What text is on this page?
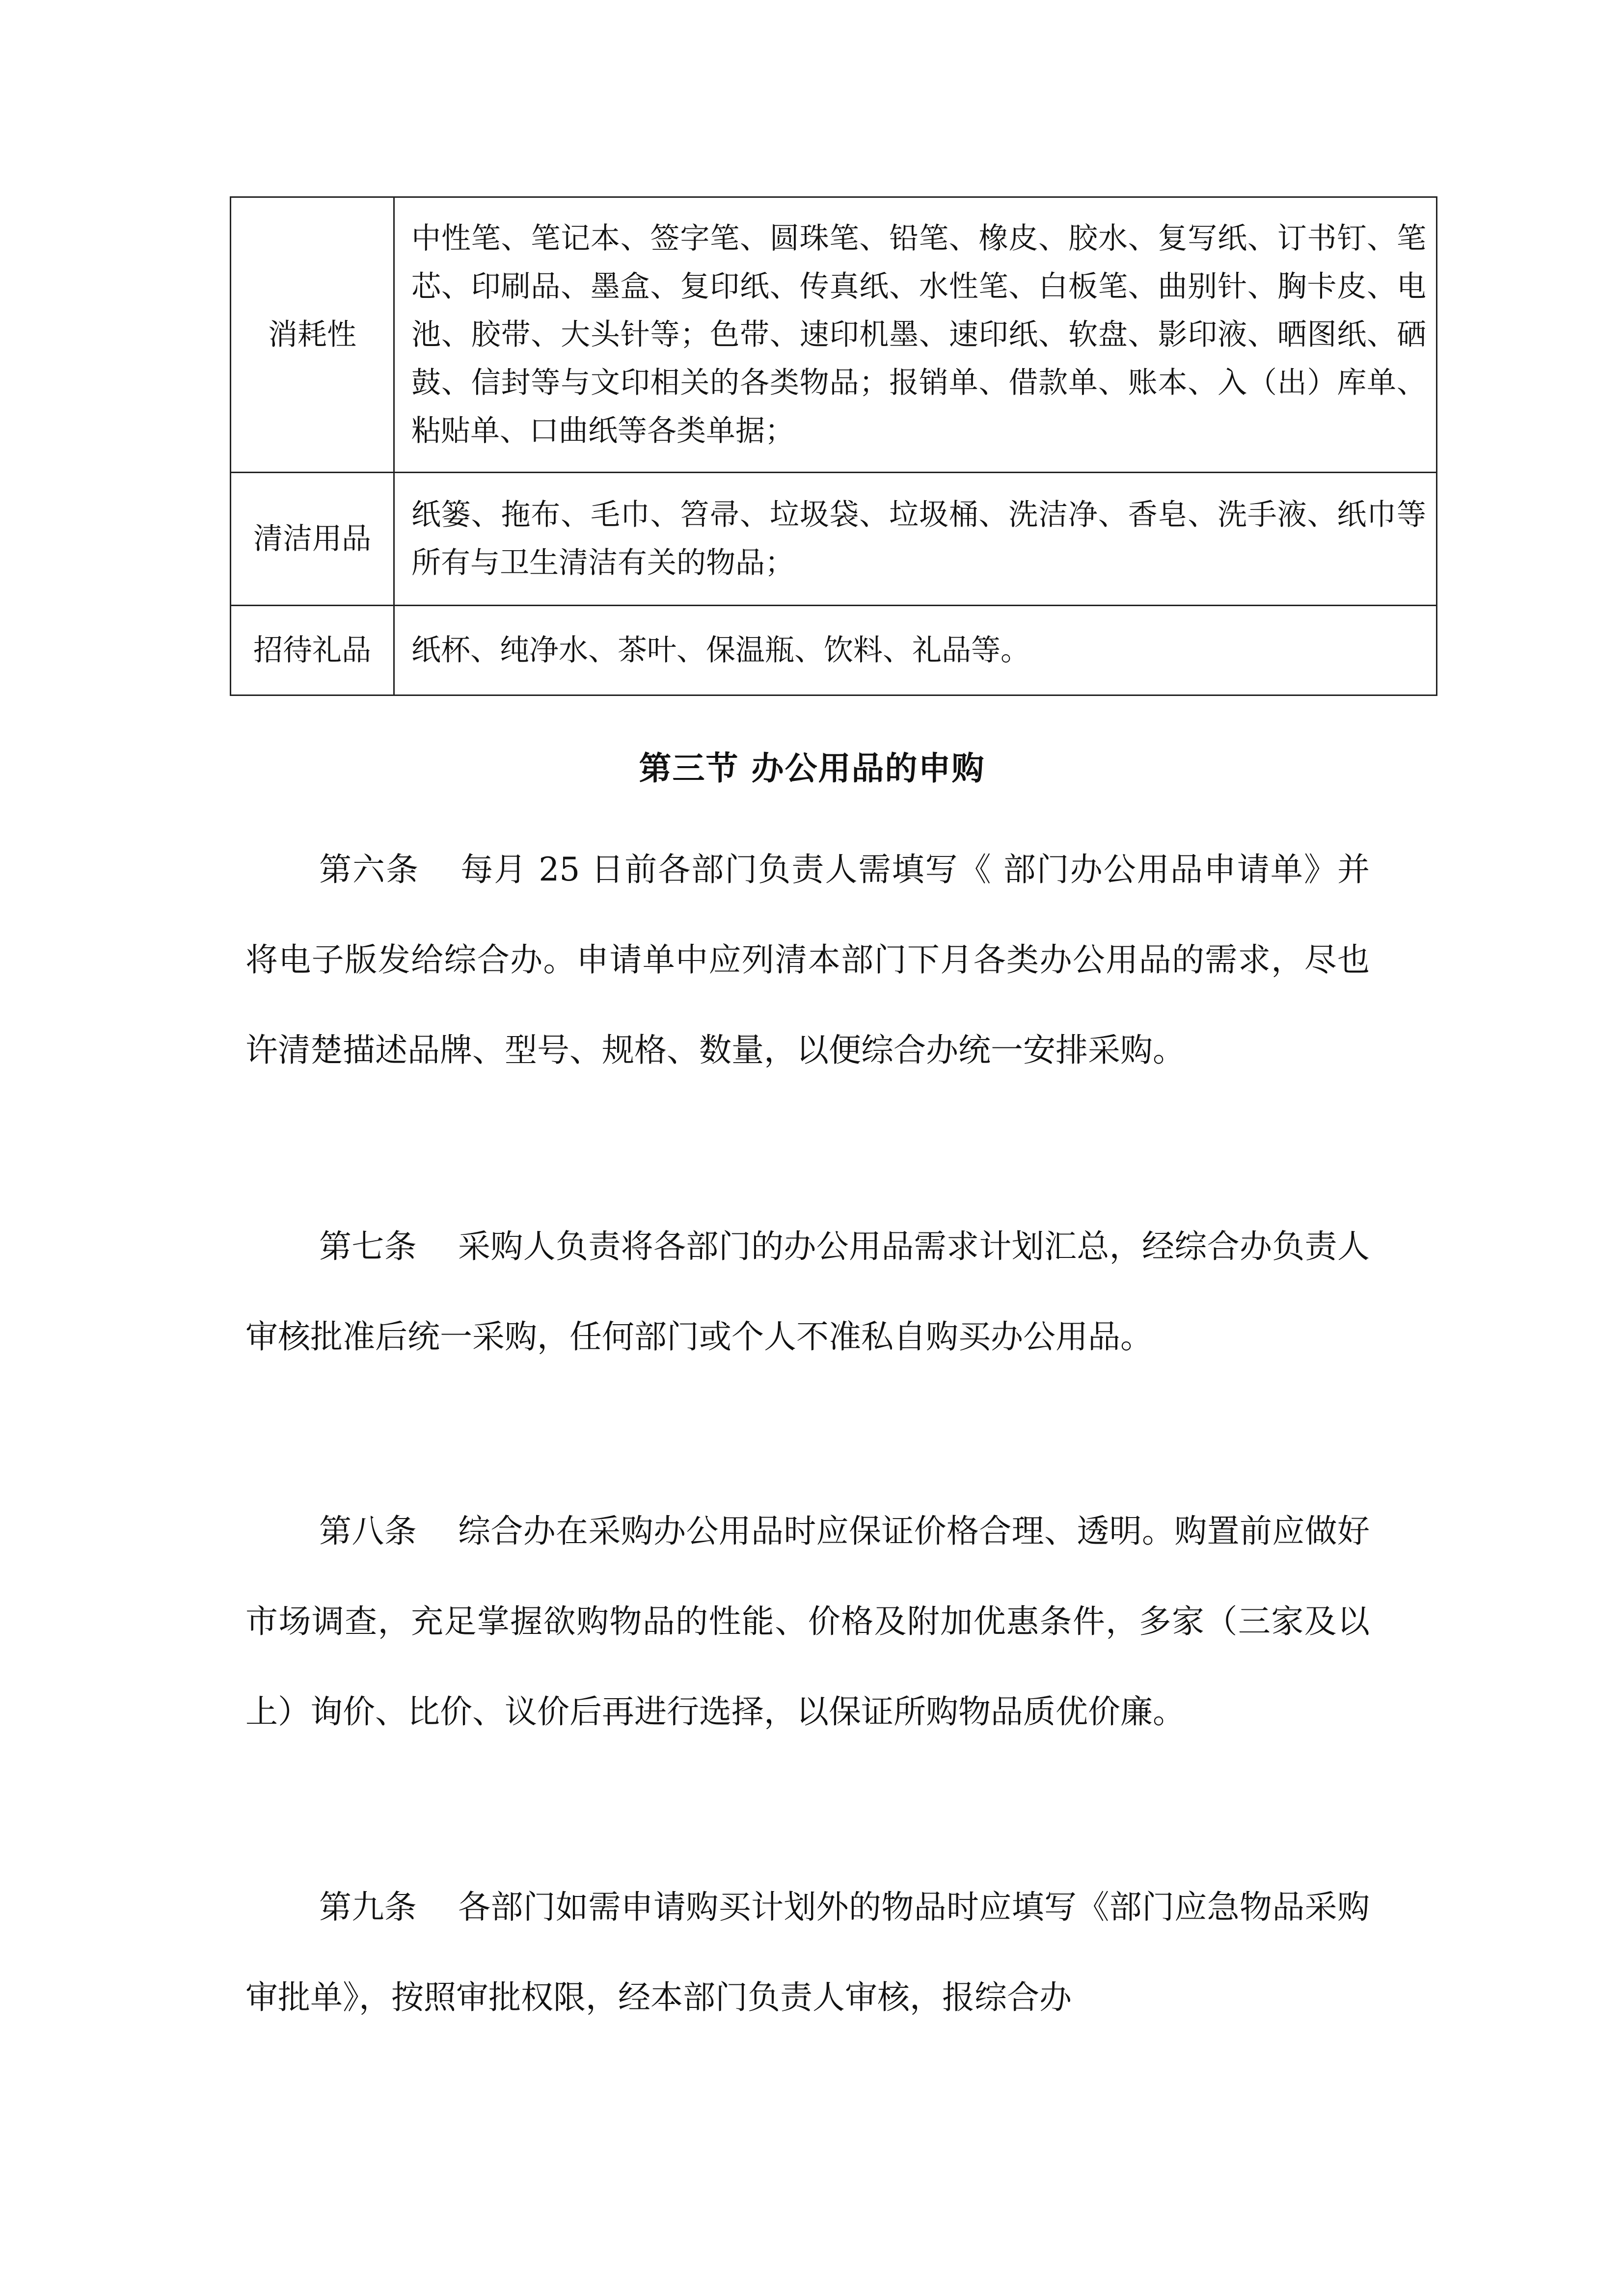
消耗性	中性笔、笔记本、签字笔、圆珠笔、铅笔、橡皮、胶水、复写纸、订书钉、笔芯、印刷品、墨盒、复印纸、传真纸、水性笔、白板笔、曲别针、胸卡皮、电池、胶带、大头针等；色带、速印机墨、速印纸、软盘、影印液、晒图纸、硒鼓、信封等与文印相关的各类物品；报销单、借款单、账本、入（出）库单、粘贴单、口曲纸等各类单据；
清洁用品	纸篓、拖布、毛巾、笤帚、垃圾袋、垃圾桶、洗洁净、香皂、洗手液、纸巾等所有与卫生清洁有关的物品；
招待礼品	纸杯、纯净水、茶叶、保温瓶、饮料、礼品等。
第三节 办公用品的申购

第六条 每月 25 日前各部门负责人需填写《 部门办公用品申请单》并将电子版发给综合办。申请单中应列清本部门下月各类办公用品的需求，尽也许清楚描述品牌、型号、规格、数量，以便综合办统一安排采购。

第七条 采购人负责将各部门的办公用品需求计划汇总，经综合办负责人审核批准后统一采购，任何部门或个人不准私自购买办公用品。

第八条 综合办在采购办公用品时应保证价格合理、透明。购置前应做好市场调查，充足掌握欲购物品的性能、价格及附加优惠条件，多家（三家及以上）询价、比价、议价后再进行选择，以保证所购物品质优价廉。

第九条 各部门如需申请购买计划外的物品时应填写《部门应急物品采购审批单》，按照审批权限，经本部门负责人审核，报综合办
